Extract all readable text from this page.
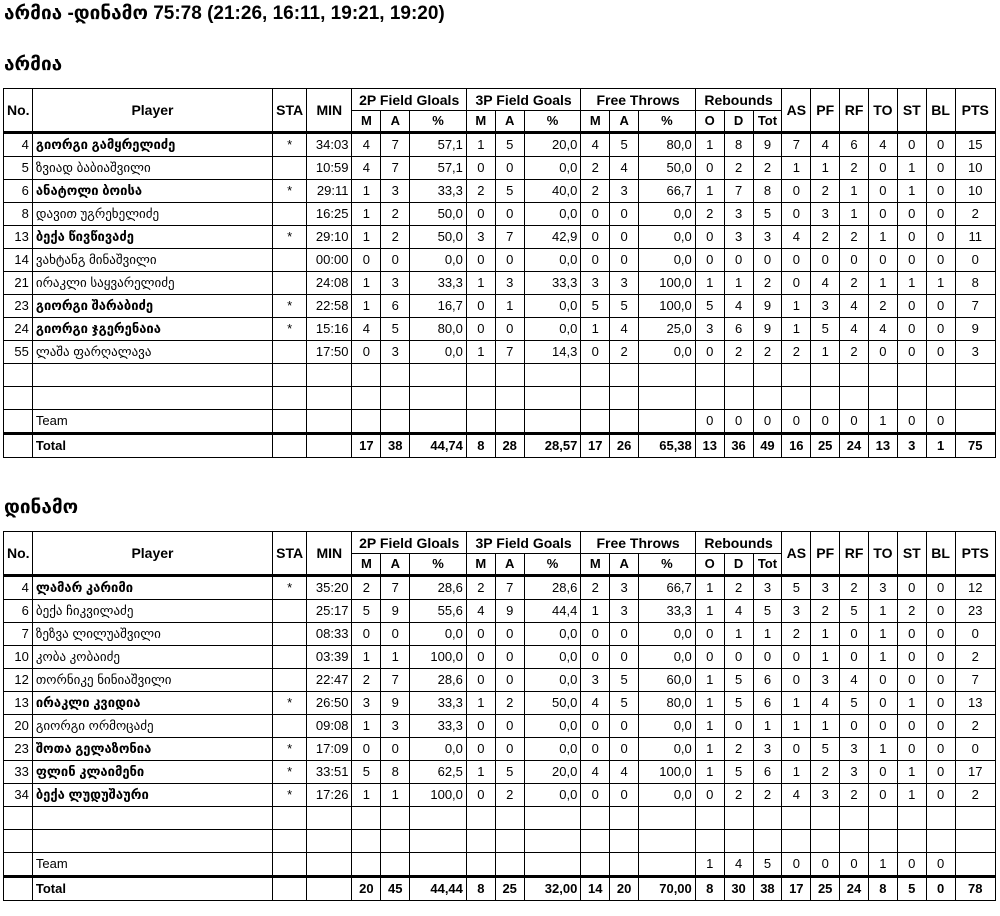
არმია -დინამო 75:78 (21:26, 16:11, 19:21, 19:20)
არმია
No.	Player	STA	MIN	2P Field Gloals			3P Field Goals			Free Throws			Rebounds			AS	PF	RF	TO	ST	BL	PTS
				M	A	%	M	A	%	M	A	%	O	D	Tot							
4	გიორგი გამყრელიძე	*	34:03	4	7	57,1	1	5	20,0	4	5	80,0	1	8	9	7	4	6	4	0	0	15
5	ზვიად ბაბიაშვილი		10:59	4	7	57,1	0	0	0,0	2	4	50,0	0	2	2	1	1	2	0	1	0	10
6	ანატოლი ბოისა	*	29:11	1	3	33,3	2	5	40,0	2	3	66,7	1	7	8	0	2	1	0	1	0	10
8	დავით უგრეხელიძე		16:25	1	2	50,0	0	0	0,0	0	0	0,0	2	3	5	0	3	1	0	0	0	2
13	ბექა წივწივაძე	*	29:10	1	2	50,0	3	7	42,9	0	0	0,0	0	3	3	4	2	2	1	0	0	11
14	ვახტანგ მინაშვილი		00:00	0	0	0,0	0	0	0,0	0	0	0,0	0	0	0	0	0	0	0	0	0	0
21	ირაკლი საყვარელიძე		24:08	1	3	33,3	1	3	33,3	3	3	100,0	1	1	2	0	4	2	1	1	1	8
23	გიორგი შარაბიძე	*	22:58	1	6	16,7	0	1	0,0	5	5	100,0	5	4	9	1	3	4	2	0	0	7
24	გიორგი ჯგერენაია	*	15:16	4	5	80,0	0	0	0,0	1	4	25,0	3	6	9	1	5	4	4	0	0	9
55	ლაშა ფარღალავა		17:50	0	3	0,0	1	7	14,3	0	2	0,0	0	2	2	2	1	2	0	0	0	3

	Team												0	0	0	0	0	0	1	0	0	
	Total			17	38	44,74	8	28	28,57	17	26	65,38	13	36	49	16	25	24	13	3	1	75
დინამო
No.	Player	STA	MIN	2P Field Gloals			3P Field Goals			Free Throws			Rebounds			AS	PF	RF	TO	ST	BL	PTS
				M	A	%	M	A	%	M	A	%	O	D	Tot							
4	ლამარ კარიმი	*	35:20	2	7	28,6	2	7	28,6	2	3	66,7	1	2	3	5	3	2	3	0	0	12
6	ბექა ჩიკვილაძე		25:17	5	9	55,6	4	9	44,4	1	3	33,3	1	4	5	3	2	5	1	2	0	23
7	ზეზვა ლილუაშვილი		08:33	0	0	0,0	0	0	0,0	0	0	0,0	0	1	1	2	1	0	1	0	0	0
10	კობა კობაიძე		03:39	1	1	100,0	0	0	0,0	0	0	0,0	0	0	0	0	1	0	1	0	0	2
12	თორნიკე ნინიაშვილი		22:47	2	7	28,6	0	0	0,0	3	5	60,0	1	5	6	0	3	4	0	0	0	7
13	ირაკლი კვიდია	*	26:50	3	9	33,3	1	2	50,0	4	5	80,0	1	5	6	1	4	5	0	1	0	13
20	გიორგი ორმოცაძე		09:08	1	3	33,3	0	0	0,0	0	0	0,0	1	0	1	1	1	0	0	0	0	2
23	შოთა გელაზონია	*	17:09	0	0	0,0	0	0	0,0	0	0	0,0	1	2	3	0	5	3	1	0	0	0
33	ფლინ კლაიმენი	*	33:51	5	8	62,5	1	5	20,0	4	4	100,0	1	5	6	1	2	3	0	1	0	17
34	ბექა ლუდუშაური	*	17:26	1	1	100,0	0	2	0,0	0	0	0,0	0	2	2	4	3	2	0	1	0	2

	Team												1	4	5	0	0	0	1	0	0	
	Total			20	45	44,44	8	25	32,00	14	20	70,00	8	30	38	17	25	24	8	5	0	78
